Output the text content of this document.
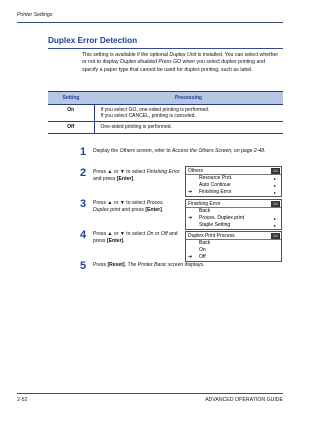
Printer Settings
Duplex Error Detection

This setting is available if the optional Duplex Unit is installed. You can select whether or not to display Duplex disabled Press GO when you select duplex printing and specify a paper type that cannot be used for duplex printing, such as label.

Setting	Processing
On	If you select GO, one-sided printing is performed.
If you select CANCEL, printing is canceled.

Off	One-sided printing is performed.
1 Display the Others screen, refer to Access the Others Screen, on page 2-48.
2 Press ▲ or ▼ to select Finishing Error and press [Enter].
3 Press ▲ or ▼ to select Proces. Duplex print and press [Enter].
4 Press ▲ or ▼ to select On or Off and press [Enter].
5 Press [Reset]. The Printer Basic screen displays.
Others	1/1
Resource Prot.	▸
Auto Continue	▸
➔ Finishing Error	▸
Finishing Error	1/1
Back
➔ Proces. Duplex print	▸
Staple Setting	▸
Duplex Print Process	1/1
Back
On
➔ Off
2-52	ADVANCED OPERATION GUIDE
